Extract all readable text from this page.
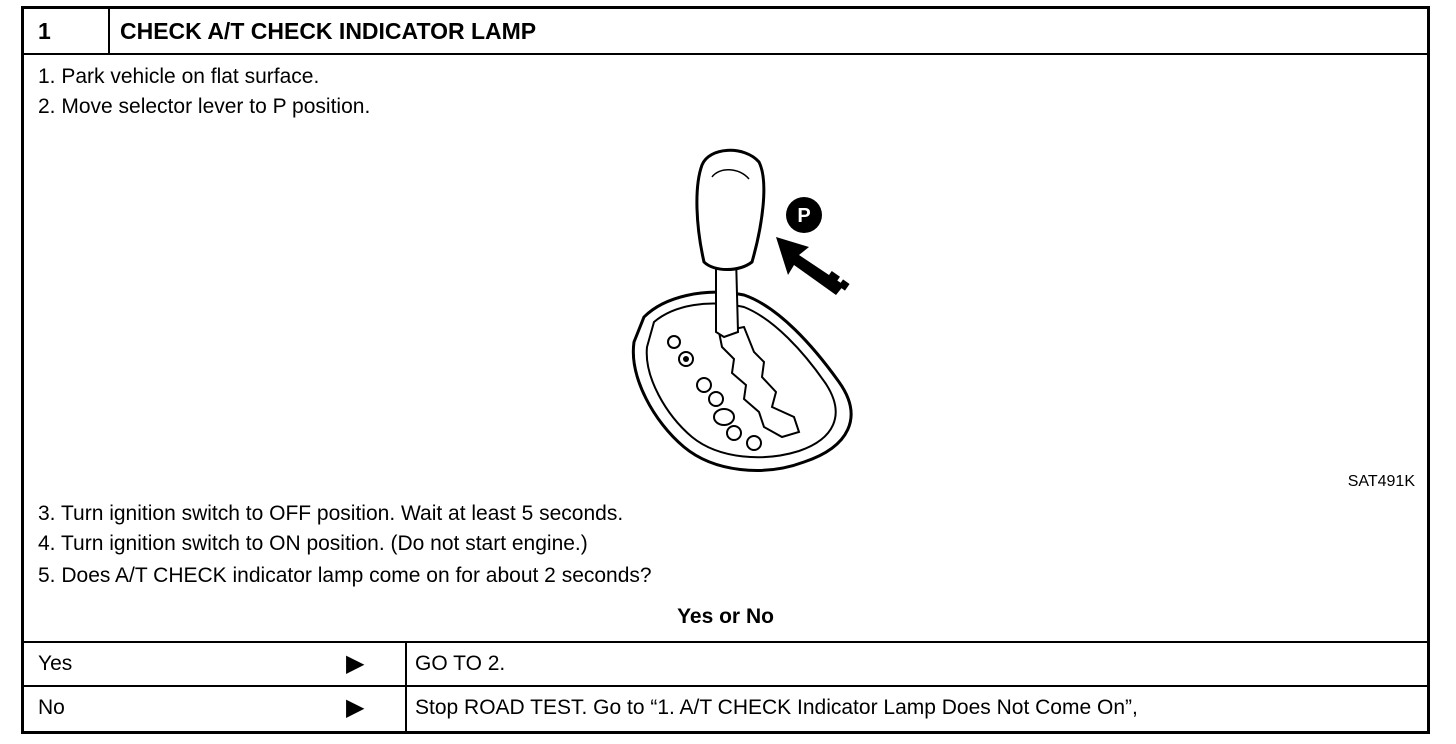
1	CHECK A/T CHECK INDICATOR LAMP
1. Park vehicle on flat surface.
2. Move selector lever to P position.
P
SAT491K
3. Turn ignition switch to OFF position. Wait at least 5 seconds.
4. Turn ignition switch to ON position. (Do not start engine.)
5. Does A/T CHECK indicator lamp come on for about 2 seconds?
Yes or No
Yes	▶	GO TO 2.
No	▶	Stop ROAD TEST. Go to “1. A/T CHECK Indicator Lamp Does Not Come On”,
